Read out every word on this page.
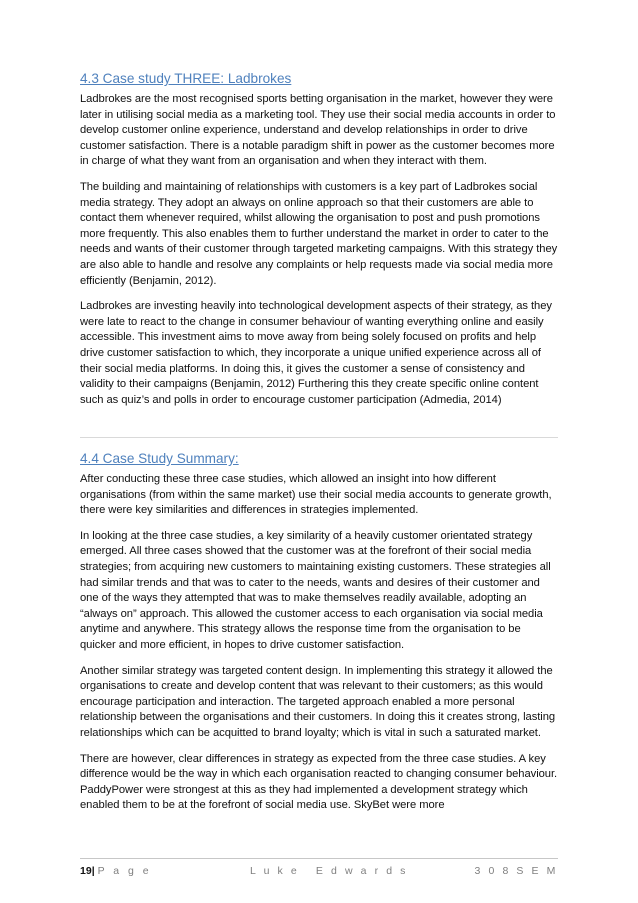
4.3 Case study THREE: Ladbrokes

Ladbrokes are the most recognised sports betting organisation in the market, however they were later in utilising social media as a marketing tool. They use their social media accounts in order to develop customer online experience, understand and develop relationships in order to drive customer satisfaction. There is a notable paradigm shift in power as the customer becomes more in charge of what they want from an organisation and when they interact with them.

The building and maintaining of relationships with customers is a key part of Ladbrokes social media strategy. They adopt an always on online approach so that their customers are able to contact them whenever required, whilst allowing the organisation to post and push promotions more frequently. This also enables them to further understand the market in order to cater to the needs and wants of their customer through targeted marketing campaigns. With this strategy they are also able to handle and resolve any complaints or help requests made via social media more efficiently (Benjamin, 2012).

Ladbrokes are investing heavily into technological development aspects of their strategy, as they were late to react to the change in consumer behaviour of wanting everything online and easily accessible. This investment aims to move away from being solely focused on profits and help drive customer satisfaction to which, they incorporate a unique unified experience across all of their social media platforms. In doing this, it gives the customer a sense of consistency and validity to their campaigns (Benjamin, 2012) Furthering this they create specific online content such as quiz’s and polls in order to encourage customer participation (Admedia, 2014)

4.4 Case Study Summary:

After conducting these three case studies, which allowed an insight into how different organisations (from within the same market) use their social media accounts to generate growth, there were key similarities and differences in strategies implemented.

In looking at the three case studies, a key similarity of a heavily customer orientated strategy emerged. All three cases showed that the customer was at the forefront of their social media strategies; from acquiring new customers to maintaining existing customers. These strategies all had similar trends and that was to cater to the needs, wants and desires of their customer and one of the ways they attempted that was to make themselves readily available, adopting an “always on” approach. This allowed the customer access to each organisation via social media anytime and anywhere. This strategy allows the response time from the organisation to be quicker and more efficient, in hopes to drive customer satisfaction.

Another similar strategy was targeted content design. In implementing this strategy it allowed the organisations to create and develop content that was relevant to their customers; as this would encourage participation and interaction. The targeted approach enabled a more personal relationship between the organisations and their customers. In doing this it creates strong, lasting relationships which can be acquitted to brand loyalty; which is vital in such a saturated market.

There are however, clear differences in strategy as expected from the three case studies. A key difference would be the way in which each organisation reacted to changing consumer behaviour. PaddyPower were strongest at this as they had implemented a development strategy which enabled them to be at the forefront of social media use. SkyBet were more

19| P a g e	L u k e   E d w a r d s	3 0 8 S E M
